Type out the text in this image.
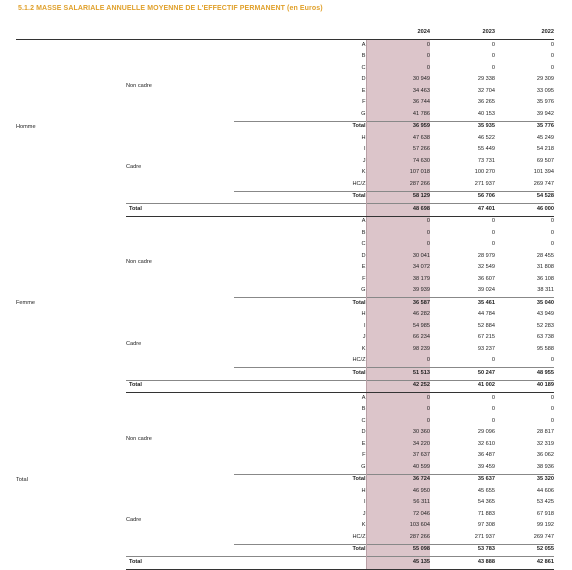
5.1.2 MASSE SALARIALE ANNUELLE MOYENNE DE L'EFFECTIF PERMANENT (en Euros)
				2024	2023	2022

Homme	Non cadre		A	0	0	0
			B	0	0	0
			C	0	0	0
			D	30 949	29 338	29 309
			E	34 463	32 704	33 095
			F	36 744	36 265	35 976
			G	41 786	40 153	39 942
			Total	36 959	35 935	35 776
	Cadre		H	47 638	46 522	45 249
			I	57 266	55 449	54 218
			J	74 630	73 731	69 507
			K	107 018	100 270	101 394
			HC/Z	287 266	271 937	269 747
			Total	58 129	56 706	54 528
	Total			48 698	47 401	46 000
Femme	Non cadre		A	0	0	0
			B	0	0	0
			C	0	0	0
			D	30 041	28 979	28 455
			E	34 072	32 549	31 808
			F	38 179	36 607	36 108
			G	39 939	39 024	38 311
			Total	36 587	35 461	35 040
	Cadre		H	46 282	44 784	43 949
			I	54 985	52 884	52 283
			J	66 234	67 215	63 738
			K	98 239	93 237	95 588
			HC/Z	0	0	0
			Total	51 513	50 247	48 955
	Total			42 252	41 002	40 189
Total	Non cadre		A	0	0	0
			B	0	0	0
			C	0	0	0
			D	30 360	29 096	28 817
			E	34 220	32 610	32 319
			F	37 637	36 487	36 062
			G	40 599	39 459	38 936
			Total	36 724	35 637	35 320
	Cadre		H	46 950	45 655	44 606
			I	56 311	54 365	53 425
			J	72 046	71 883	67 918
			K	103 604	97 308	99 192
			HC/Z	287 266	271 937	269 747
			Total	55 098	53 783	52 055
	Total			45 135	43 888	42 861
